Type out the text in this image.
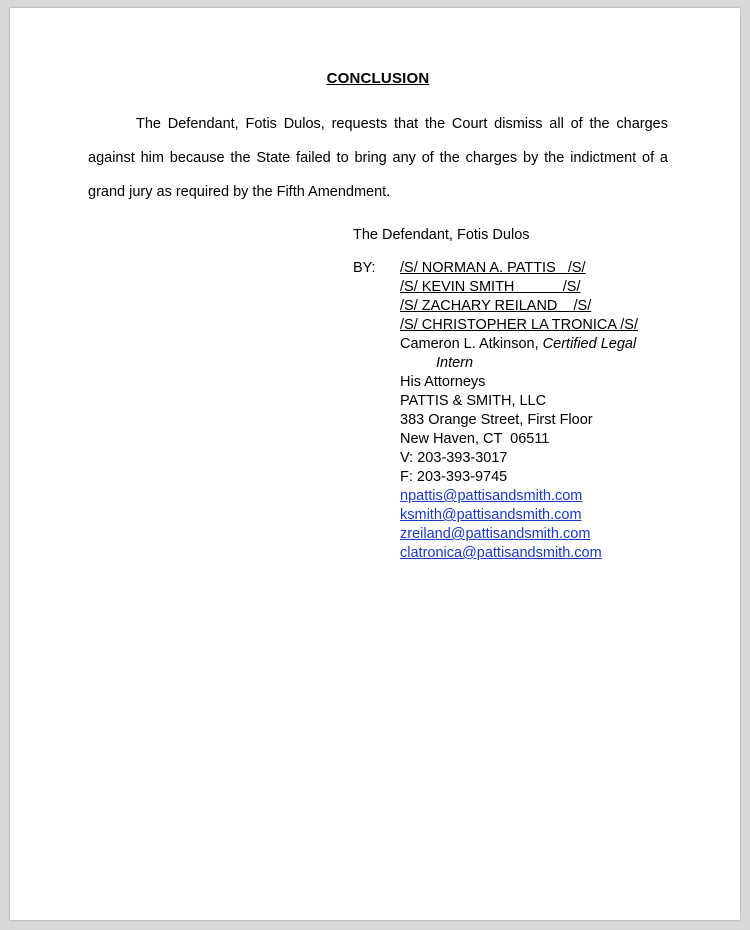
CONCLUSION

The Defendant, Fotis Dulos, requests that the Court dismiss all of the charges against him because the State failed to bring any of the charges by the indictment of a grand jury as required by the Fifth Amendment.

The Defendant, Fotis Dulos
BY:	/S/ NORMAN A. PATTIS   /S/
/S/ KEVIN SMITH            /S/
/S/ ZACHARY REILAND    /S/
/S/ CHRISTOPHER LA TRONICA /S/
Cameron L. Atkinson, Certified Legal
Intern
His Attorneys
PATTIS & SMITH, LLC
383 Orange Street, First Floor
New Haven, CT  06511
V: 203-393-3017
F: 203-393-9745
npattis@pattisandsmith.com
ksmith@pattisandsmith.com
zreiland@pattisandsmith.com
clatronica@pattisandsmith.com
